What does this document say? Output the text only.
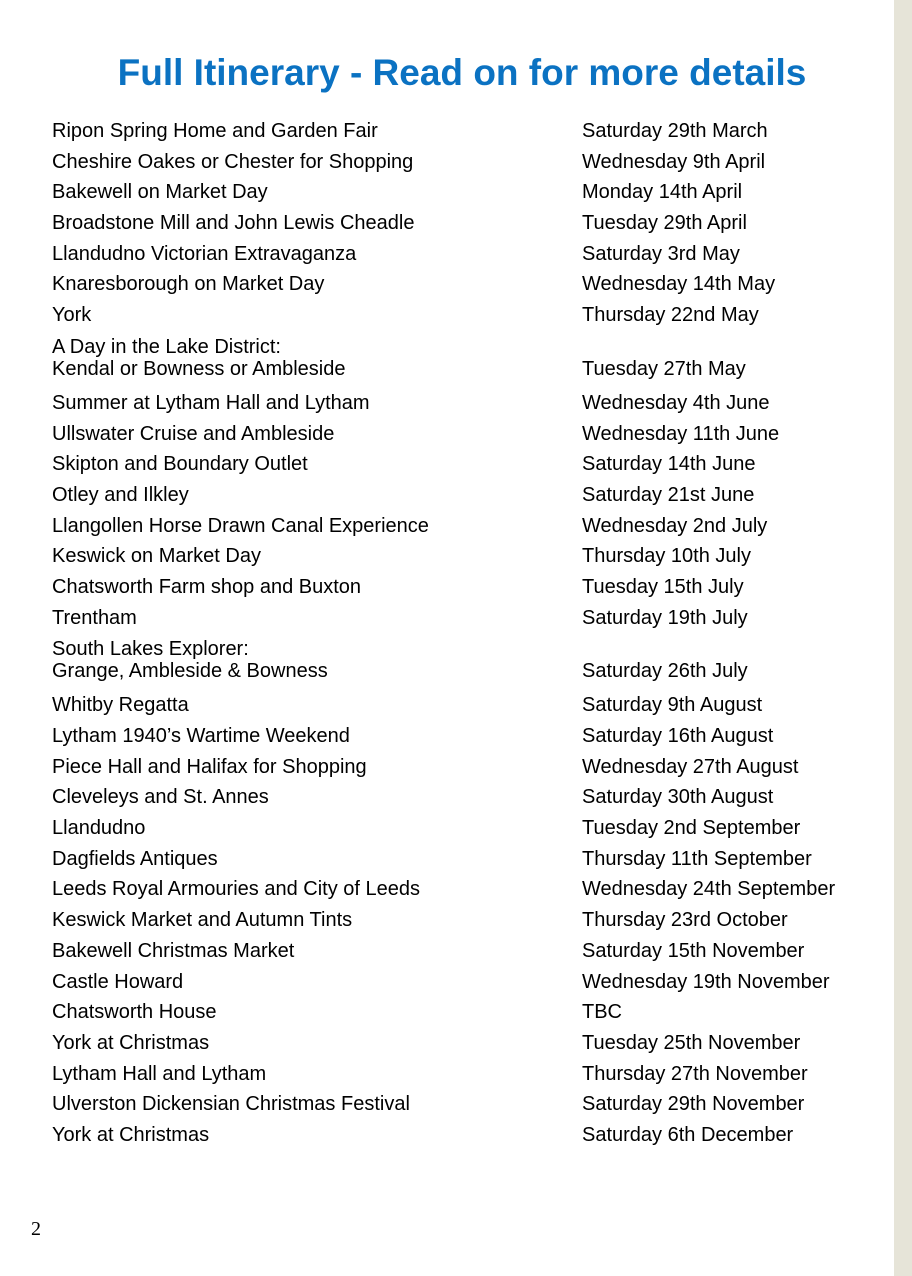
Full Itinerary - Read on for more details
Ripon Spring Home and Garden Fair	Saturday 29th March
Cheshire Oakes or Chester for Shopping	Wednesday 9th April
Bakewell on Market Day	Monday 14th April
Broadstone Mill and John Lewis Cheadle	Tuesday 29th April
Llandudno Victorian Extravaganza	Saturday 3rd May
Knaresborough on Market Day	Wednesday 14th May
York	Thursday 22nd May
A Day in the Lake District:
Kendal or Bowness or Ambleside	Tuesday 27th May
Summer at Lytham Hall and Lytham	Wednesday 4th June
Ullswater Cruise and Ambleside	Wednesday 11th June
Skipton and Boundary Outlet	Saturday 14th June
Otley and Ilkley	Saturday 21st June
Llangollen Horse Drawn Canal Experience	Wednesday 2nd July
Keswick on Market Day	Thursday 10th July
Chatsworth Farm shop and Buxton	Tuesday 15th July
Trentham	Saturday 19th July
South Lakes Explorer:
Grange, Ambleside & Bowness	Saturday 26th July
Whitby Regatta	Saturday 9th August
Lytham 1940’s Wartime Weekend	Saturday 16th August
Piece Hall and Halifax for Shopping	Wednesday 27th August
Cleveleys and St. Annes	Saturday 30th August
Llandudno	Tuesday 2nd September
Dagfields Antiques	Thursday 11th September
Leeds Royal Armouries and City of Leeds	Wednesday 24th September
Keswick Market and Autumn Tints	Thursday 23rd October
Bakewell Christmas Market	Saturday 15th November
Castle Howard	Wednesday 19th November
Chatsworth House	TBC
York at Christmas	Tuesday 25th November
Lytham Hall and Lytham	Thursday 27th November
Ulverston Dickensian Christmas Festival	Saturday 29th November
York at Christmas	Saturday 6th December
2
